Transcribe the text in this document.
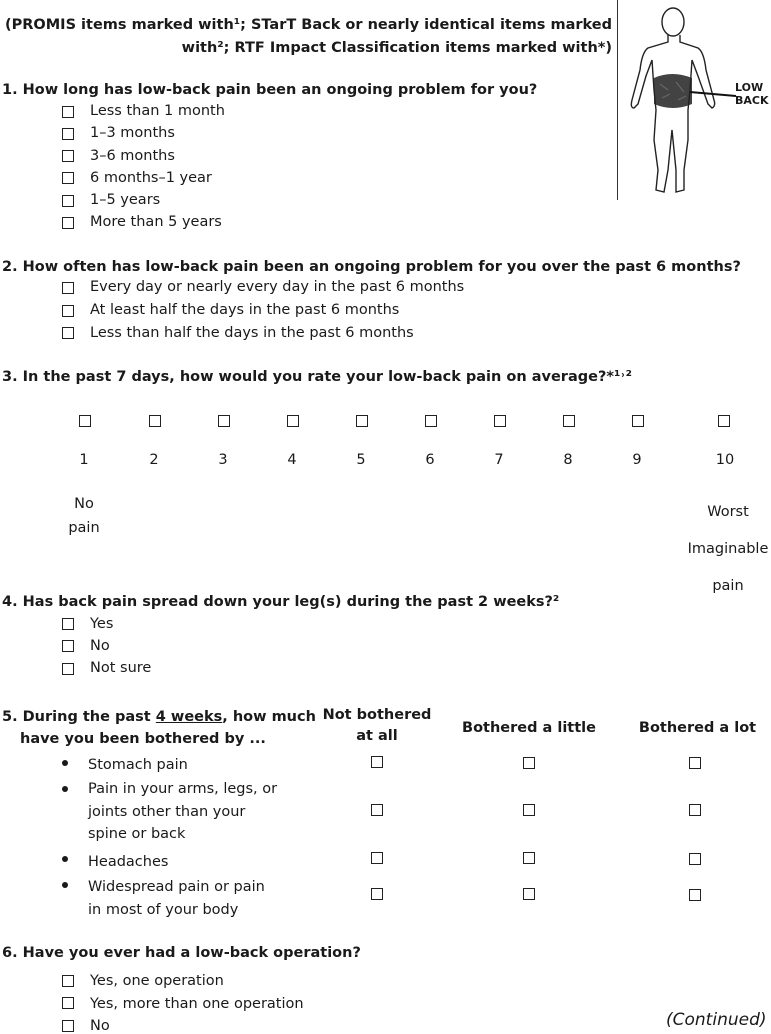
(PROMIS items marked with¹; STarT Back or nearly identical items marked
with²; RTF Impact Classification items marked with*)
LOW
BACK
1. How long has low-back pain been an ongoing problem for you?
Less than 1 month
1–3 months
3–6 months
6 months–1 year
1–5 years
More than 5 years
2. How often has low-back pain been an ongoing problem for you over the past 6 months?
Every day or nearly every day in the past 6 months
At least half the days in the past 6 months
Less than half the days in the past 6 months
3. In the past 7 days, how would you rate your low-back pain on average?*¹˒²
1	2	3	4	5	6	7	8	9	10
No
pain
Worst
Imaginable
pain
4. Has back pain spread down your leg(s) during the past 2 weeks?²
Yes
No
Not sure
5. During the past 4 weeks, how much
have you been bothered by ...
Not bothered
at all	Bothered a little	Bothered a lot
Stomach pain
Pain in your arms, legs, or
joints other than your
spine or back
Headaches
Widespread pain or pain
in most of your body
6. Have you ever had a low-back operation?
Yes, one operation
Yes, more than one operation
No	(Continued)
